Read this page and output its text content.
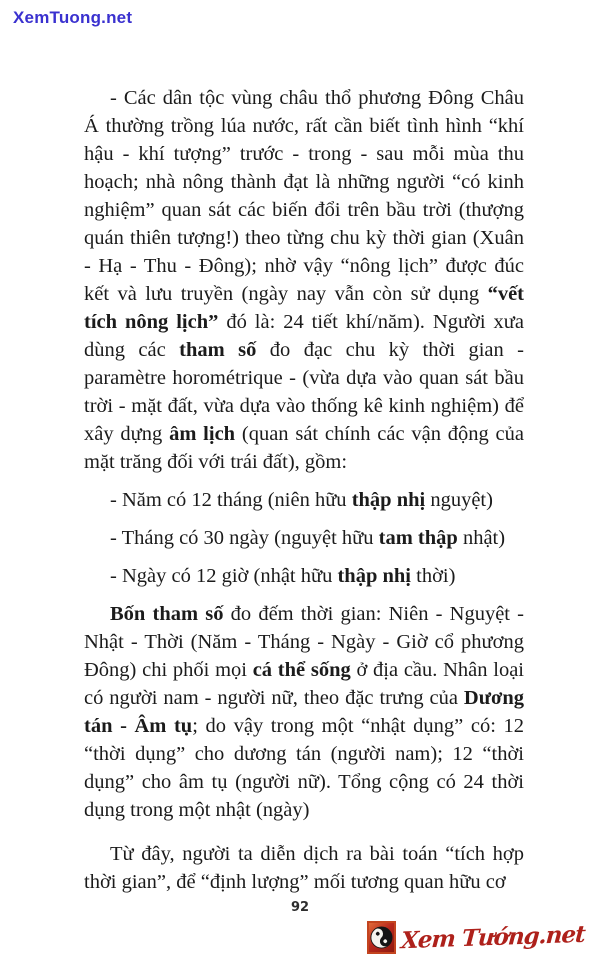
XemTuong.net

- Các dân tộc vùng châu thổ phương Đông Châu Á thường trồng lúa nước, rất cần biết tình hình “khí hậu - khí tượng” trước - trong - sau mỗi mùa thu hoạch; nhà nông thành đạt là những người “có kinh nghiệm” quan sát các biến đổi trên bầu trời (thượng quán thiên tượng!) theo từng chu kỳ thời gian (Xuân - Hạ - Thu - Đông); nhờ vậy “nông lịch” được đúc kết và lưu truyền (ngày nay vẫn còn sử dụng “vết tích nông lịch” đó là: 24 tiết khí/năm). Người xưa dùng các tham số đo đạc chu kỳ thời gian - paramètre horométrique - (vừa dựa vào quan sát bầu trời - mặt đất, vừa dựa vào thống kê kinh nghiệm) để xây dựng âm lịch (quan sát chính các vận động của mặt trăng đối với trái đất), gồm:

- Năm có 12 tháng (niên hữu thập nhị nguyệt)

- Tháng có 30 ngày (nguyệt hữu tam thập nhật)

- Ngày có 12 giờ (nhật hữu thập nhị thời)

Bốn tham số đo đếm thời gian: Niên - Nguyệt - Nhật - Thời (Năm - Tháng - Ngày - Giờ cổ phương Đông) chi phối mọi cá thể sống ở địa cầu. Nhân loại có người nam - người nữ, theo đặc trưng của Dương tán - Âm tụ; do vậy trong một “nhật dụng” có: 12 “thời dụng” cho dương tán (người nam); 12 “thời dụng” cho âm tụ (người nữ). Tổng cộng có 24 thời dụng trong một nhật (ngày)

Từ đây, người ta diễn dịch ra bài toán “tích hợp thời gian”, để “định lượng” mối tương quan hữu cơ

92
Xem Tướng.net
